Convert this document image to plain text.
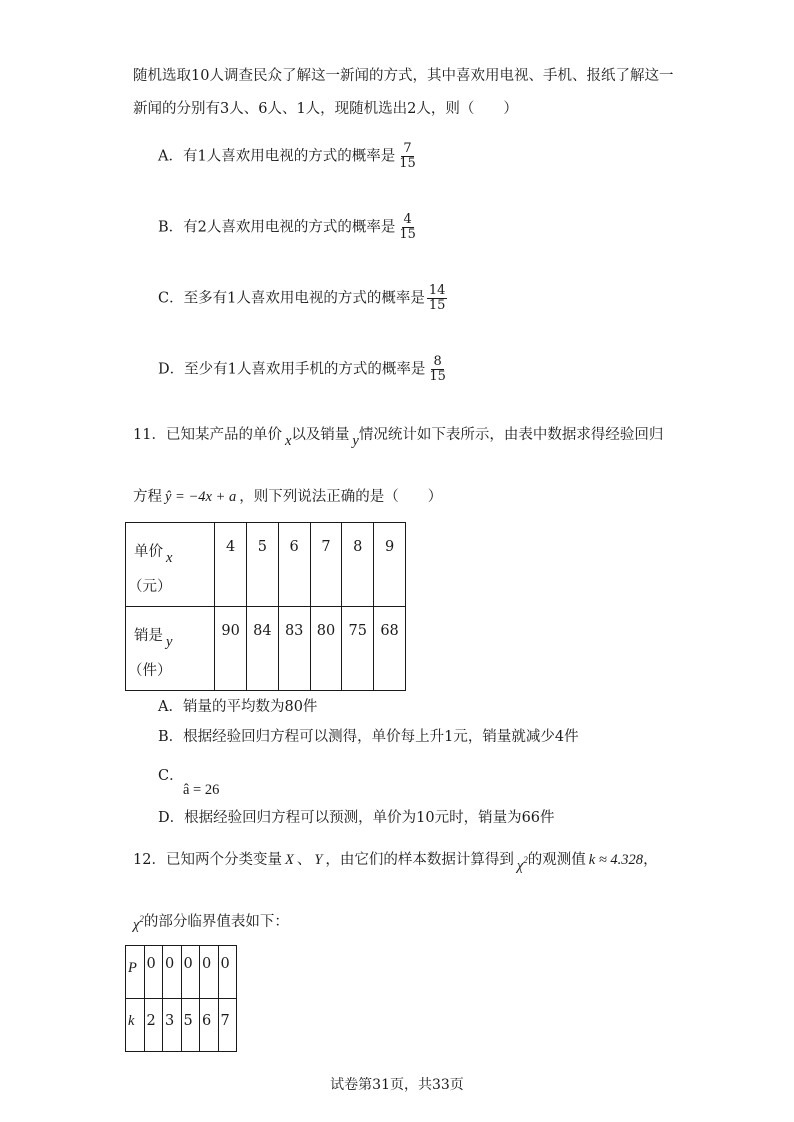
随机选取10人调查民众了解这一新闻的方式，其中喜欢用电视、手机、报纸了解这一
新闻的分别有3人、6人、1人，现随机选出2人，则（　　）
A．有1人喜欢用电视的方式的概率是 $\frac{7}{15}$
B．有2人喜欢用电视的方式的概率是 $\frac{4}{15}$
C．至多有1人喜欢用电视的方式的概率是 $\frac{14}{15}$
D．至少有1人喜欢用手机的方式的概率是 $\frac{8}{15}$
11．已知某产品的单价 x以及销量 y情况统计如下表所示，由表中数据求得经验回归
方程 ŷ = −4x + a ，则下列说法正确的是（　　）
单价 x
（元）	4	5	6	7	8	9

销是 y
（件）	90	84	83	80	75	68
A．销量的平均数为80件
B．根据经验回归方程可以测得，单价每上升1元，销量就减少4件
C．
â = 26
D．根据经验回归方程可以预测，单价为10元时，销量为66件
12．已知两个分类变量 X 、 Y ，由它们的样本数据计算得到 $\chi^2$的观测值 k ≈ 4.328，
$\chi^2$的部分临界值表如下：
P	0	0	0	0	0

k	2	3	5	6	7
试卷第31页，共33页
